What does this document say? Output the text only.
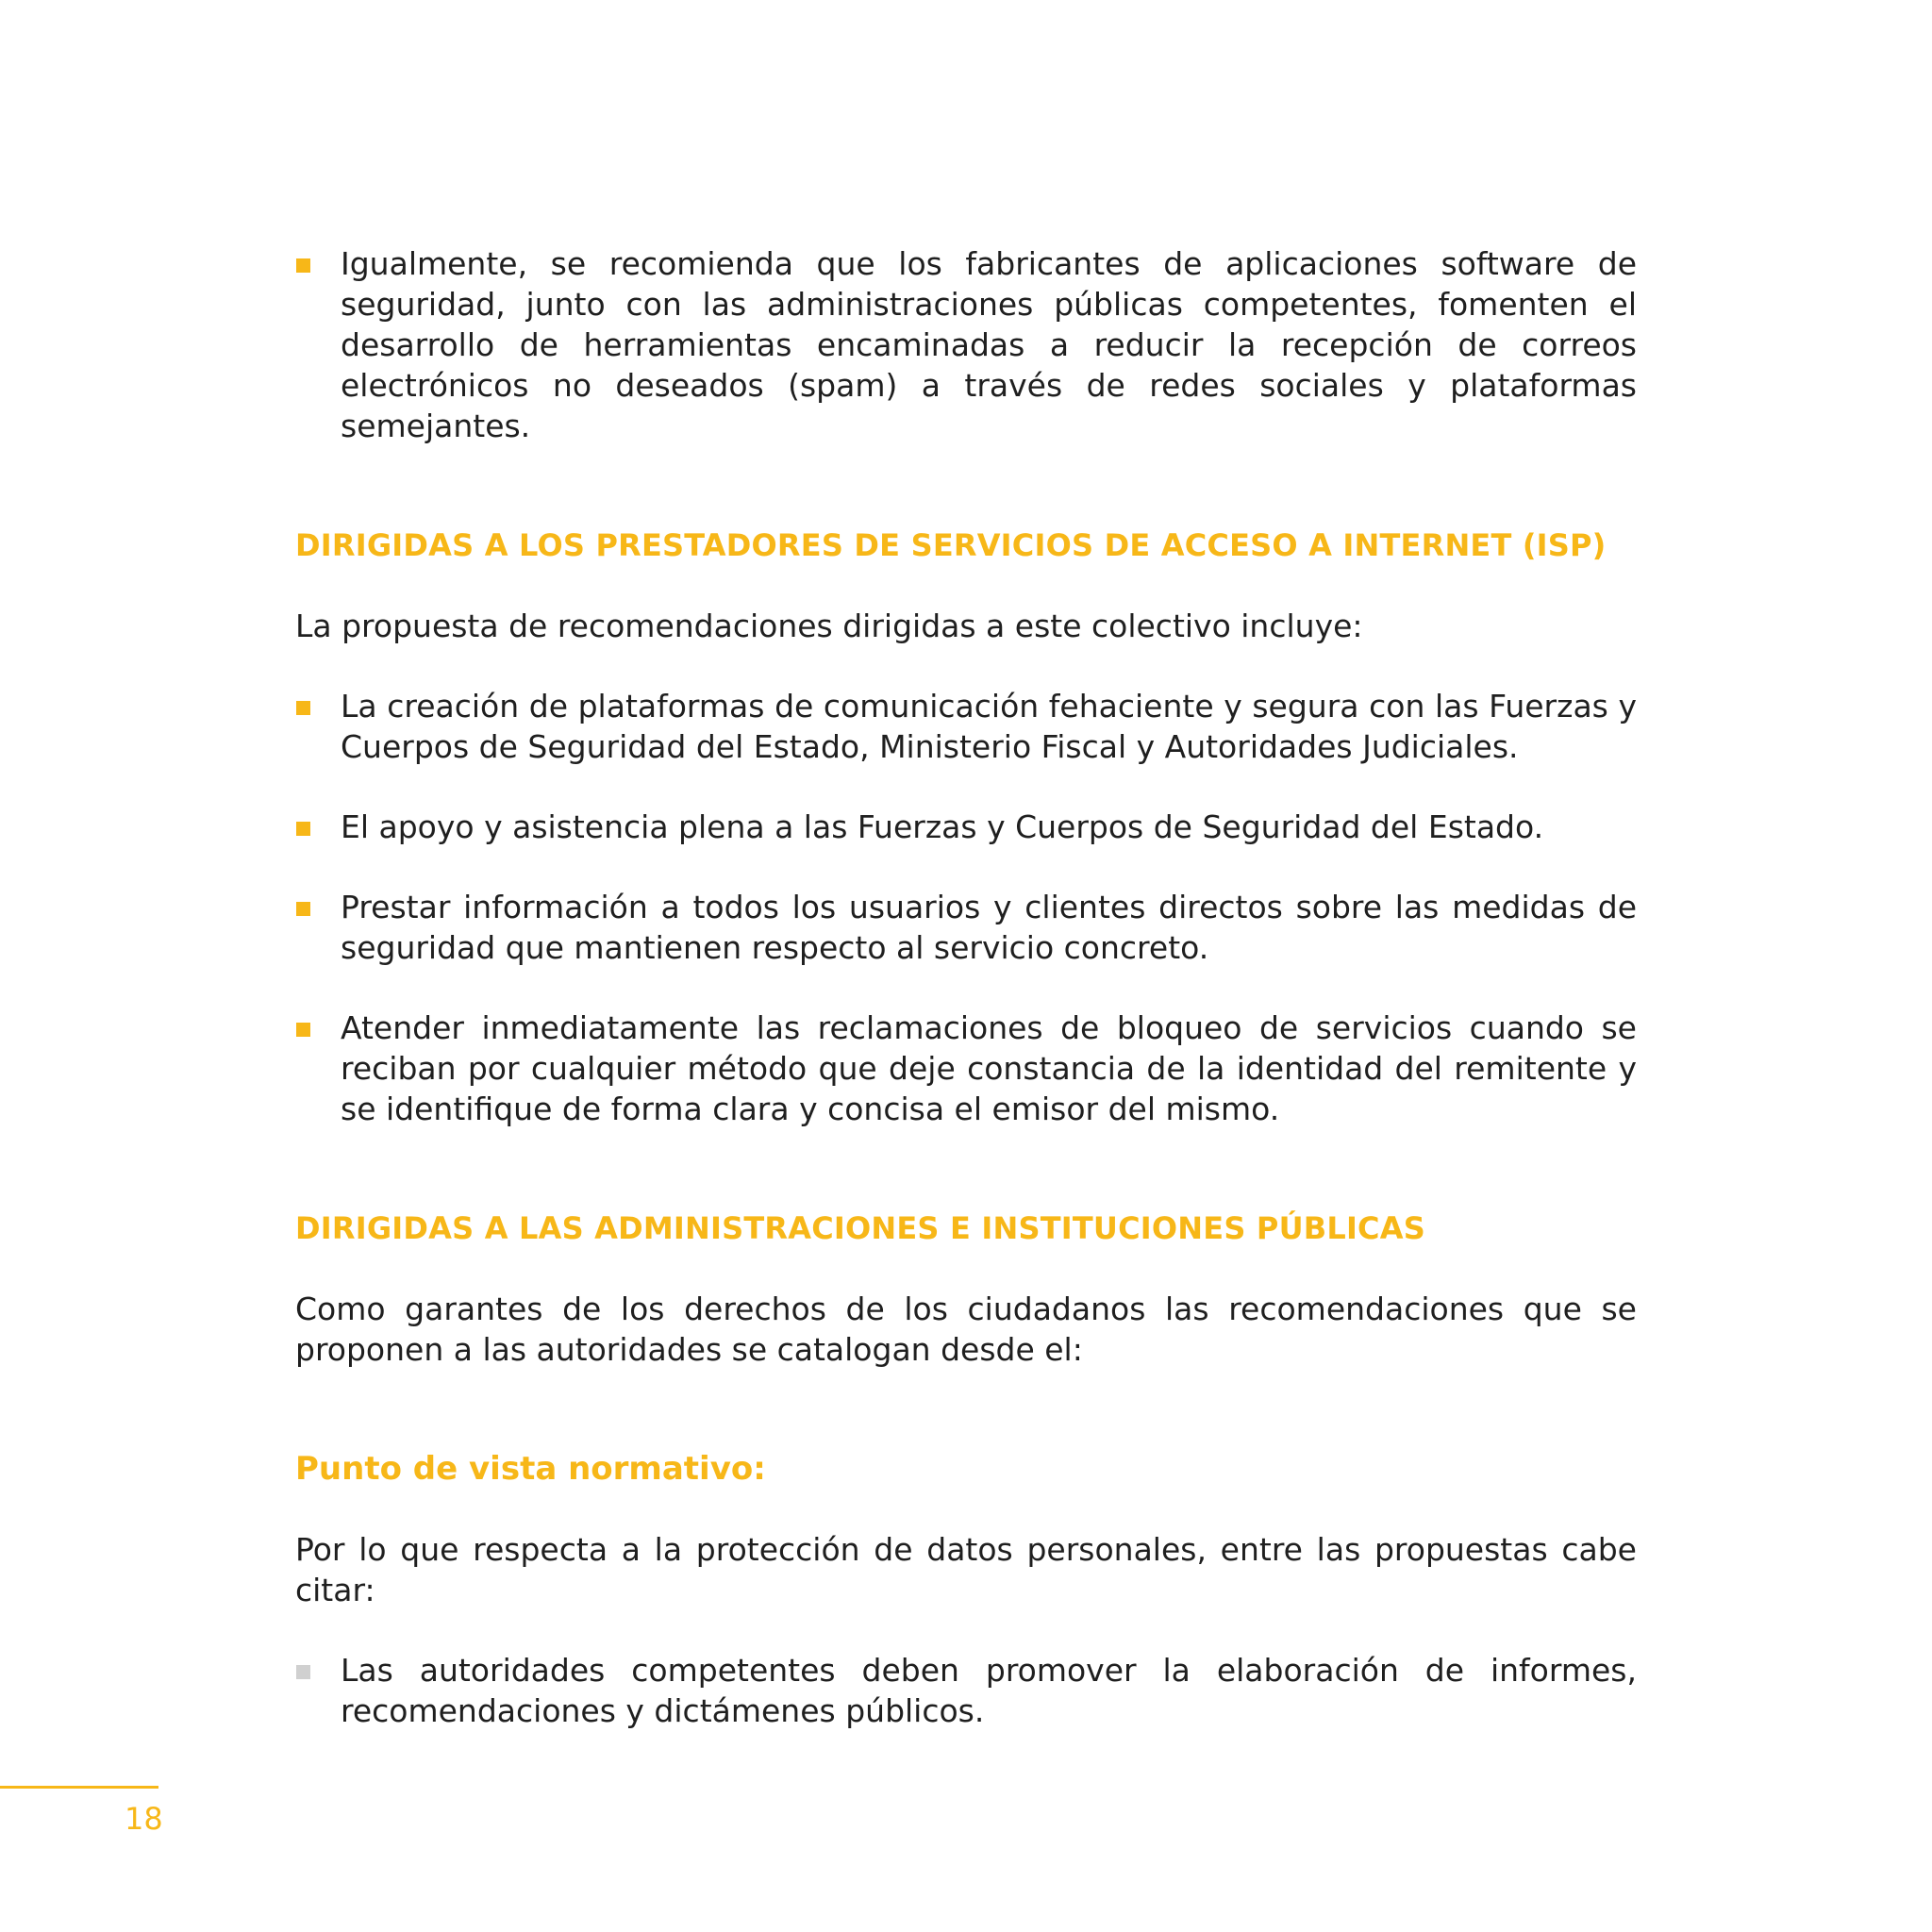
Igualmente, se recomienda que los fabricantes de aplicaciones software de seguridad, junto con las administraciones públicas competentes, fomenten el desarrollo de herramientas encaminadas a reducir la recepción de correos electrónicos no deseados (spam) a través de redes sociales y plataformas semejantes.

DIRIGIDAS A LOS PRESTADORES DE SERVICIOS DE ACCESO A INTERNET (ISP)

La propuesta de recomendaciones dirigidas a este colectivo incluye:

La creación de plataformas de comunicación fehaciente y segura con las Fuerzas y Cuerpos de Seguridad del Estado, Ministerio Fiscal y Autoridades Judiciales.

El apoyo y asistencia plena a las Fuerzas y Cuerpos de Seguridad del Estado.

Prestar información a todos los usuarios y clientes directos sobre las medidas de seguridad que mantienen respecto al servicio concreto.

Atender inmediatamente las reclamaciones de bloqueo de servicios cuando se reciban por cualquier método que deje constancia de la identidad del remitente y se identifique de forma clara y concisa el emisor del mismo.

DIRIGIDAS A LAS ADMINISTRACIONES E INSTITUCIONES PÚBLICAS

Como garantes de los derechos de los ciudadanos las recomendaciones que se proponen a las autoridades se catalogan desde el:

Punto de vista normativo:

Por lo que respecta a la protección de datos personales, entre las propuestas cabe citar:

Las autoridades competentes deben promover la elaboración de informes, recomendaciones y dictámenes públicos.

18
